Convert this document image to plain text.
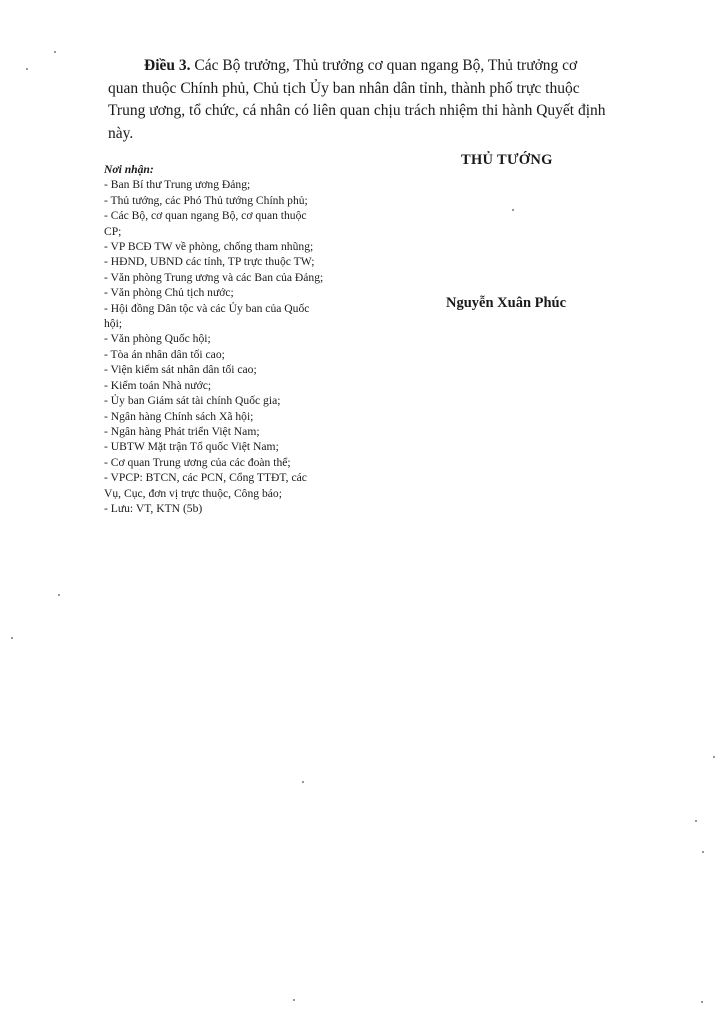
Điều 3. Các Bộ trưởng, Thủ trưởng cơ quan ngang Bộ, Thủ trưởng cơ
quan thuộc Chính phủ, Chủ tịch Ủy ban nhân dân tỉnh, thành phố trực thuộc
Trung ương, tổ chức, cá nhân có liên quan chịu trách nhiệm thi hành Quyết định
này.
Nơi nhận:
- Ban Bí thư Trung ương Đảng;
- Thủ tướng, các Phó Thủ tướng Chính phủ;
- Các Bộ, cơ quan ngang Bộ, cơ quan thuộc
CP;
- VP BCĐ TW về phòng, chống tham nhũng;
- HĐND, UBND các tỉnh, TP trực thuộc TW;
- Văn phòng Trung ương và các Ban của Đảng;
- Văn phòng Chủ tịch nước;
- Hội đồng Dân tộc và các Ủy ban của Quốc
hội;
- Văn phòng Quốc hội;
- Tòa án nhân dân tối cao;
- Viện kiểm sát nhân dân tối cao;
- Kiểm toán Nhà nước;
- Ủy ban Giám sát tài chính Quốc gia;
- Ngân hàng Chính sách Xã hội;
- Ngân hàng Phát triển Việt Nam;
- UBTW Mặt trận Tổ quốc Việt Nam;
- Cơ quan Trung ương của các đoàn thể;
- VPCP: BTCN, các PCN, Cổng TTĐT, các
Vụ, Cục, đơn vị trực thuộc, Công báo;
- Lưu: VT, KTN (5b)
THỦ TƯỚNG
Nguyễn Xuân Phúc
